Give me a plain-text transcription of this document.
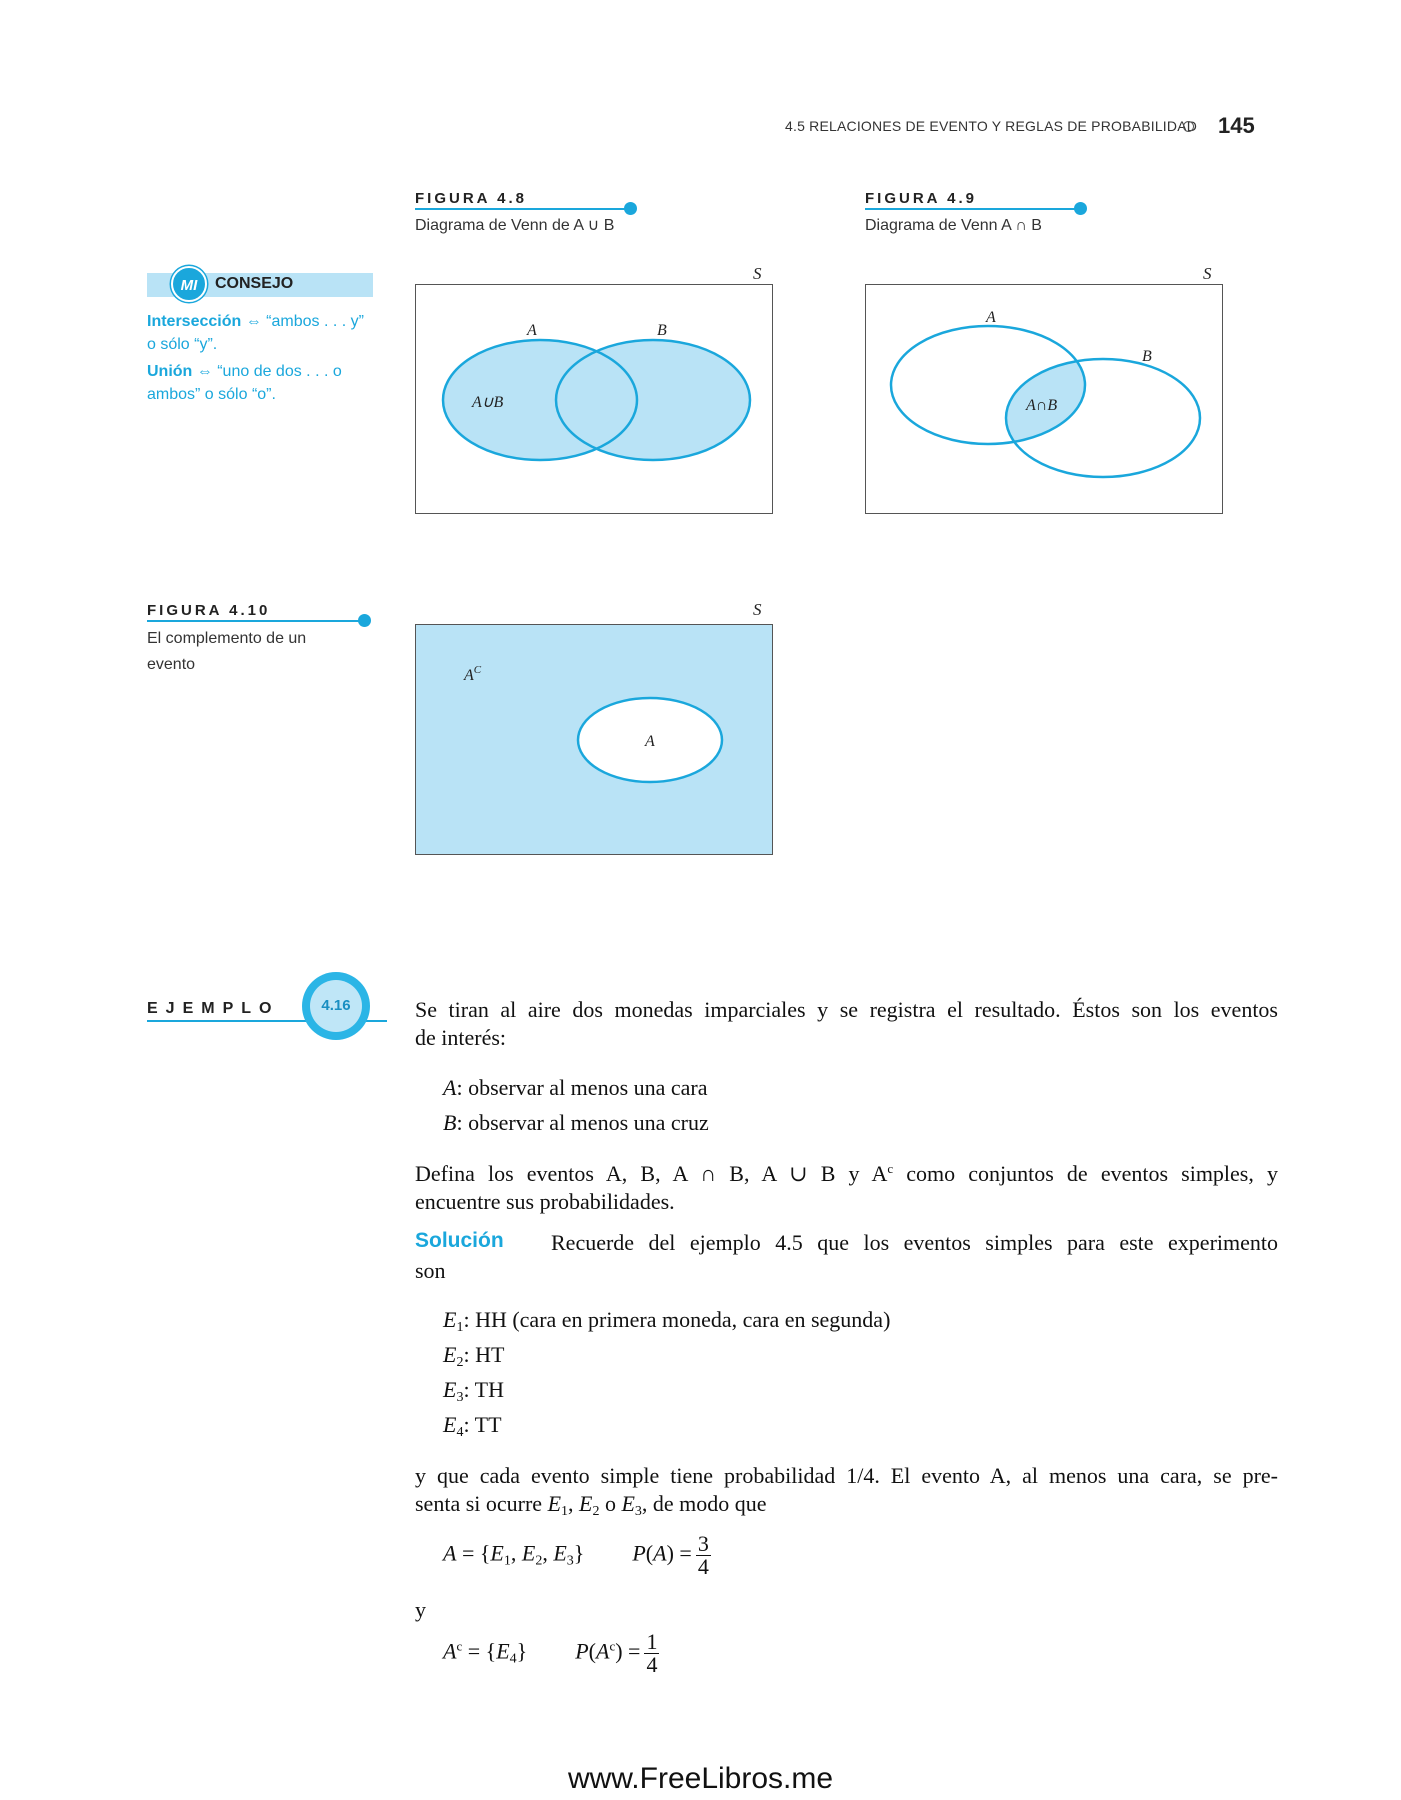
4.5 RELACIONES DE EVENTO Y REGLAS DE PROBABILIDAD 145
FIGURA 4.8
Diagrama de Venn de A ∪ B
FIGURA 4.9
Diagrama de Venn A ∩ B
MI	CONSEJO
Intersección ⇔ “ambos . . . y”
o sólo “y”.
Unión ⇔ “uno de dos . . . o
ambos” o sólo “o”.
S
A	B
A∪B
S
A
B
A∩B
FIGURA 4.10
El complemento de un
evento
S
$A^C$
A
EJEMPLO	4.16	Se tiran al aire dos monedas imparciales y se registra el resultado. Éstos son los eventos
de interés:
A: observar al menos una cara
B: observar al menos una cruz
Defina los eventos A, B, A ∩ B, A ∪ B y $A^c$ como conjuntos de eventos simples, y
encuentre sus probabilidades.
Solución Recuerde del ejemplo 4.5 que los eventos simples para este experimento
son
$E_1$: HH (cara en primera moneda, cara en segunda)
$E_2$: HT
$E_3$: TH
$E_4$: TT
y que cada evento simple tiene probabilidad 1/4. El evento A, al menos una cara, se pre-
senta si ocurre $E_1$, $E_2$ o $E_3$, de modo que
$A = \{E_1$, $E_2$, $E_3$} $P(A) = \frac{3}{4}$
y
$A^c = \{E_4\} P(A^c) = \frac{1}{4}$
www.FreeLibros.me
